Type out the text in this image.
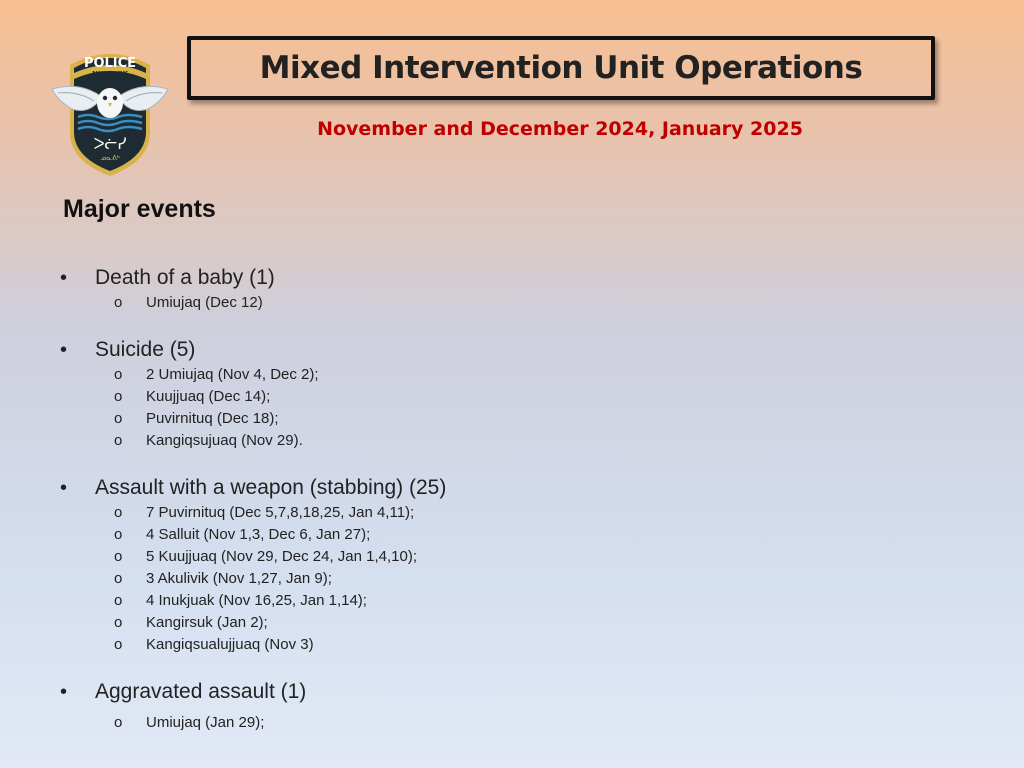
POLICE
NUNAVIK
ᐳᓖᓯ
ᓄᓇᕕᒃ
Mixed Intervention Unit Operations
November and December 2024, January 2025
Major events
•	Death of a baby (1)
o	Umiujaq (Dec 12)
•	Suicide (5)
o	2 Umiujaq (Nov 4, Dec 2);
o	Kuujjuaq (Dec 14);
o	Puvirnituq (Dec 18);
o	Kangiqsujuaq (Nov 29).
•	Assault with a weapon (stabbing) (25)
o	7 Puvirnituq (Dec 5,7,8,18,25, Jan 4,11);
o	4 Salluit (Nov 1,3, Dec 6, Jan 27);
o	5 Kuujjuaq (Nov 29, Dec 24, Jan 1,4,10);
o	3 Akulivik (Nov 1,27, Jan 9);
o	4 Inukjuak (Nov 16,25, Jan 1,14);
o	Kangirsuk (Jan 2);
o	Kangiqsualujjuaq (Nov 3)
•	Aggravated assault (1)
o	Umiujaq (Jan 29);
